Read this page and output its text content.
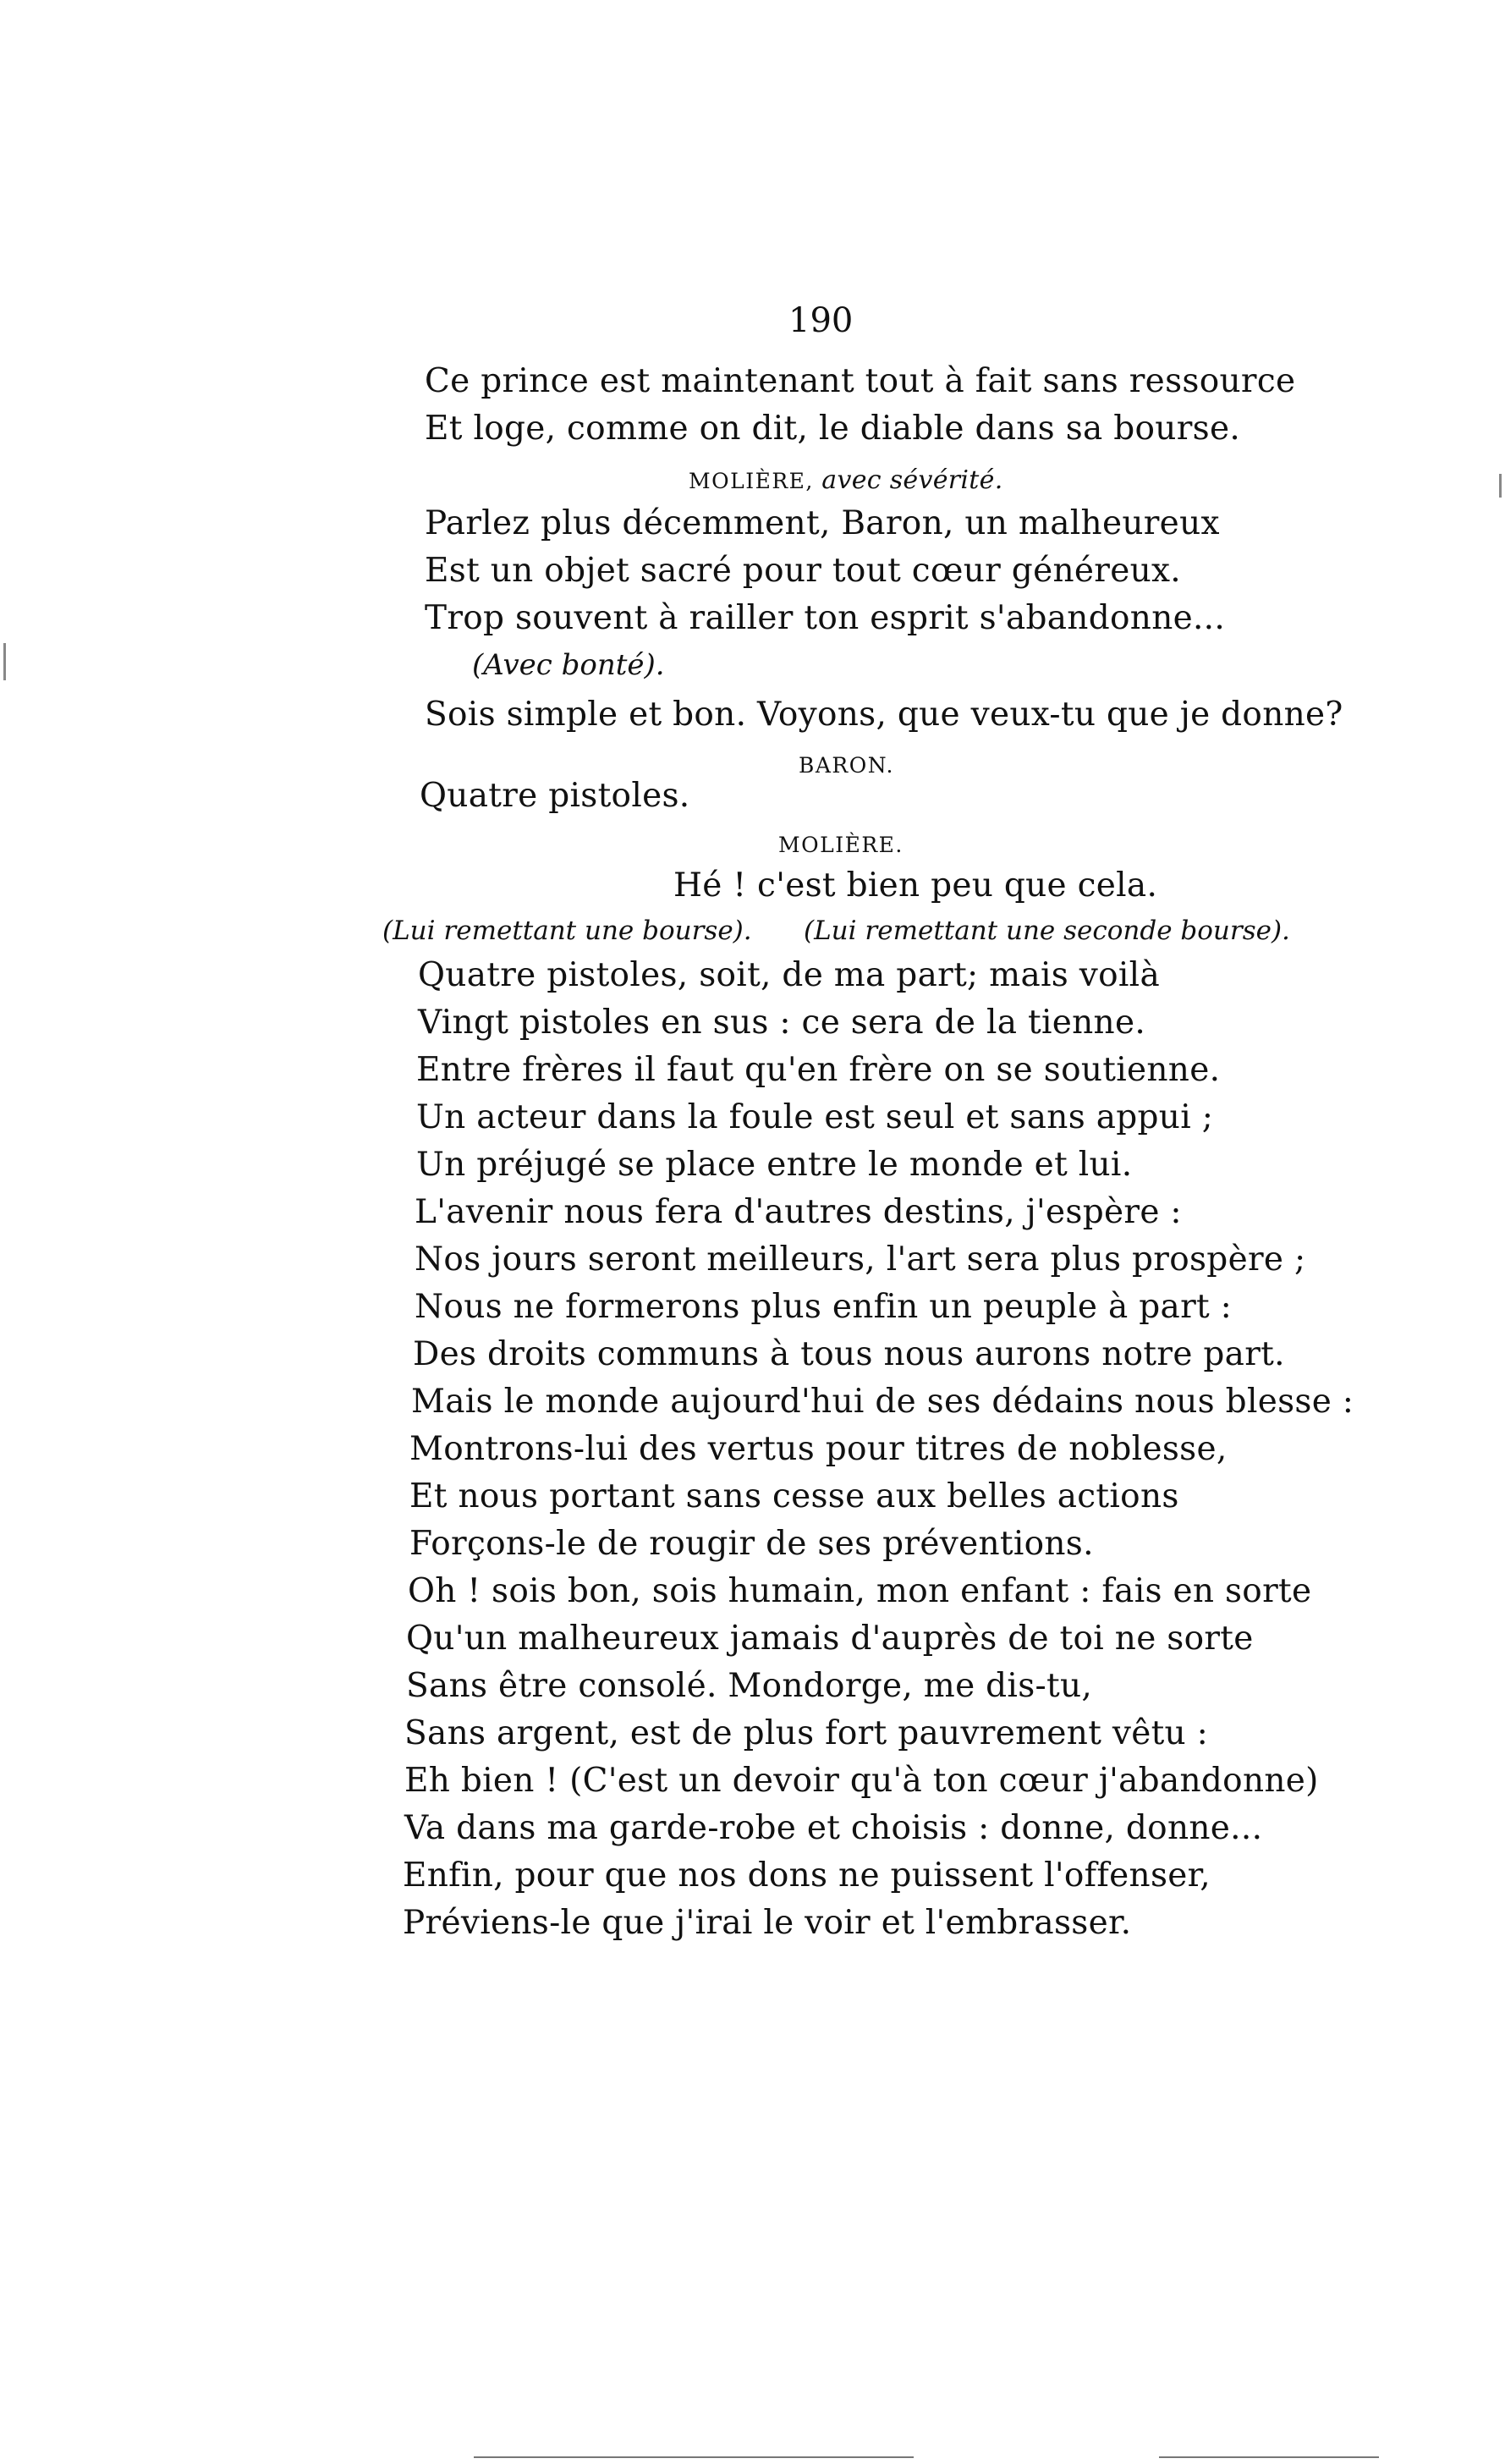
190
Ce prince est maintenant tout à fait sans ressource
Et loge, comme on dit, le diable dans sa bourse.
MOLIÈRE, avec sévérité.
Parlez plus décemment, Baron, un malheureux
Est un objet sacré pour tout cœur généreux.
Trop souvent à railler ton esprit s'abandonne...
(Avec bonté).
Sois simple et bon. Voyons, que veux-tu que je donne?
BARON.
Quatre pistoles.
MOLIÈRE.
Hé ! c'est bien peu que cela.
(Lui remettant une bourse). (Lui remettant une seconde bourse).
Quatre pistoles, soit, de ma part; mais voilà
Vingt pistoles en sus : ce sera de la tienne.
Entre frères il faut qu'en frère on se soutienne.
Un acteur dans la foule est seul et sans appui ;
Un préjugé se place entre le monde et lui.
L'avenir nous fera d'autres destins, j'espère :
Nos jours seront meilleurs, l'art sera plus prospère ;
Nous ne formerons plus enfin un peuple à part :
Des droits communs à tous nous aurons notre part.
Mais le monde aujourd'hui de ses dédains nous blesse :
Montrons-lui des vertus pour titres de noblesse,
Et nous portant sans cesse aux belles actions
Forçons-le de rougir de ses préventions.
Oh ! sois bon, sois humain, mon enfant : fais en sorte
Qu'un malheureux jamais d'auprès de toi ne sorte
Sans être consolé. Mondorge, me dis-tu,
Sans argent, est de plus fort pauvrement vêtu :
Eh bien ! (C'est un devoir qu'à ton cœur j'abandonne)
Va dans ma garde-robe et choisis : donne, donne...
Enfin, pour que nos dons ne puissent l'offenser,
Préviens-le que j'irai le voir et l'embrasser.
